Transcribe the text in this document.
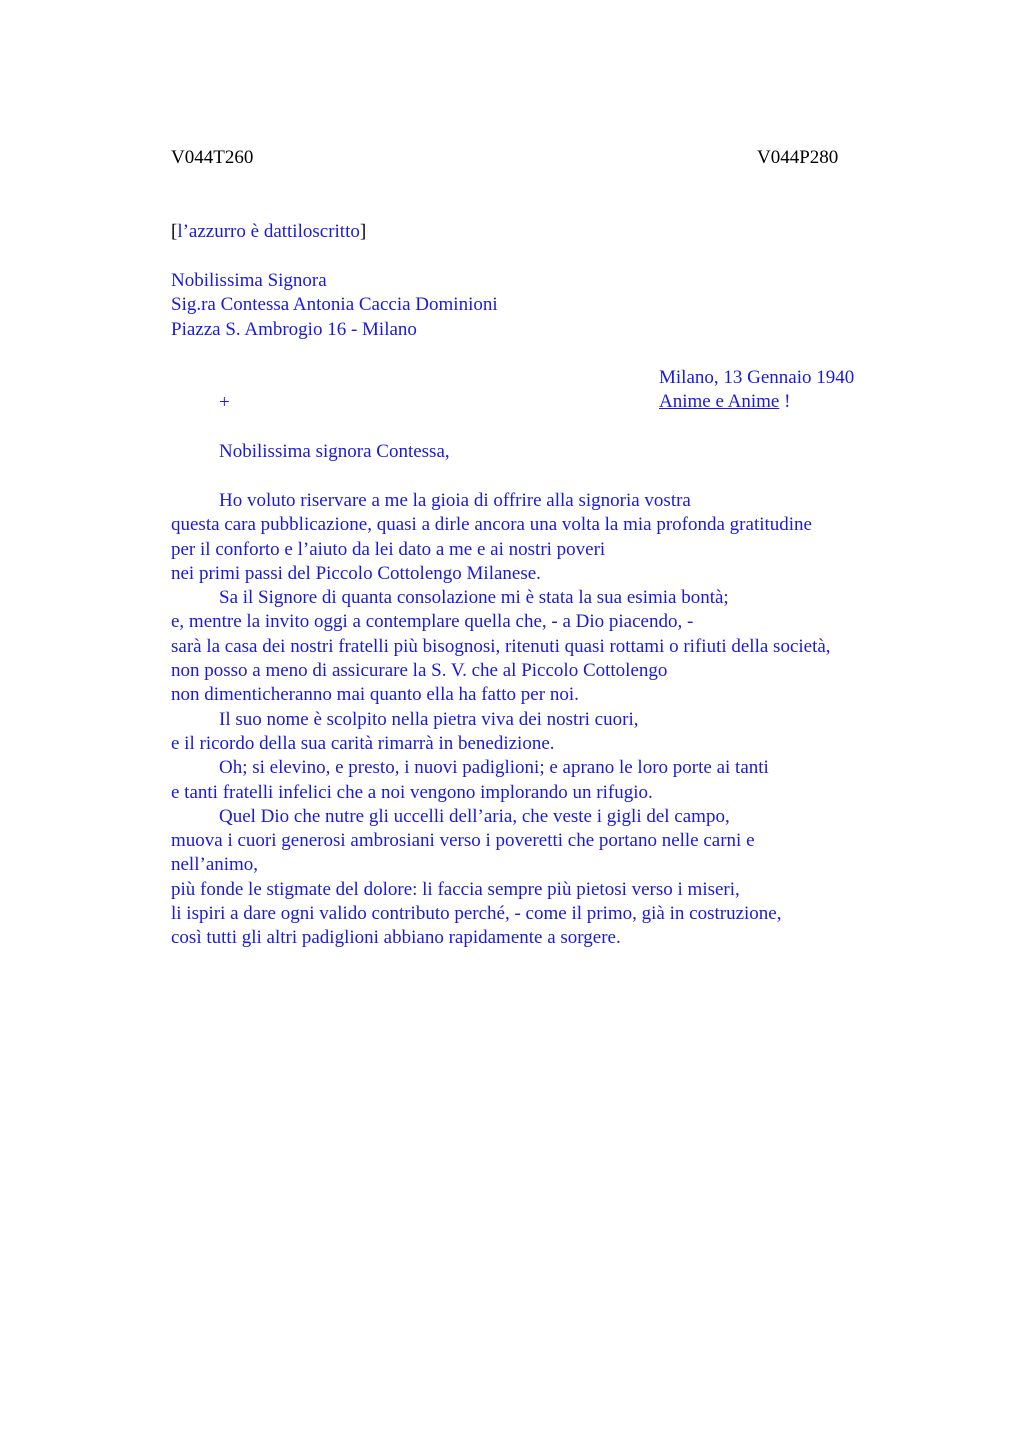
V044T260	V044P280
[l’azzurro è dattiloscritto]
Nobilissima Signora
Sig.ra Contessa Antonia Caccia Dominioni
Piazza S. Ambrogio 16 - Milano
Milano, 13 Gennaio 1940
Anime e Anime !
+
Nobilissima signora Contessa,
Ho voluto riservare a me la gioia di offrire alla signoria vostra
questa cara pubblicazione, quasi a dirle ancora una volta la mia profonda gratitudine
per il conforto e l’aiuto da lei dato a me e ai nostri poveri
nei primi passi del Piccolo Cottolengo Milanese.
Sa il Signore di quanta consolazione mi è stata la sua esimia bontà;
e, mentre la invito oggi a contemplare quella che, - a Dio piacendo, -
sarà la casa dei nostri fratelli più bisognosi, ritenuti quasi rottami o rifiuti della società,
non posso a meno di assicurare la S. V. che al Piccolo Cottolengo
non dimenticheranno mai quanto ella ha fatto per noi.
Il suo nome è scolpito nella pietra viva dei nostri cuori,
e il ricordo della sua carità rimarrà in benedizione.
Oh; si elevino, e presto, i nuovi padiglioni; e aprano le loro porte ai tanti
e tanti fratelli infelici che a noi vengono implorando un rifugio.
Quel Dio che nutre gli uccelli dell’aria, che veste i gigli del campo,
muova i cuori generosi ambrosiani verso i poveretti che portano nelle carni e
nell’animo,
più fonde le stigmate del dolore: li faccia sempre più pietosi verso i miseri,
li ispiri a dare ogni valido contributo perché, - come il primo, già in costruzione,
così tutti gli altri padiglioni abbiano rapidamente a sorgere.
